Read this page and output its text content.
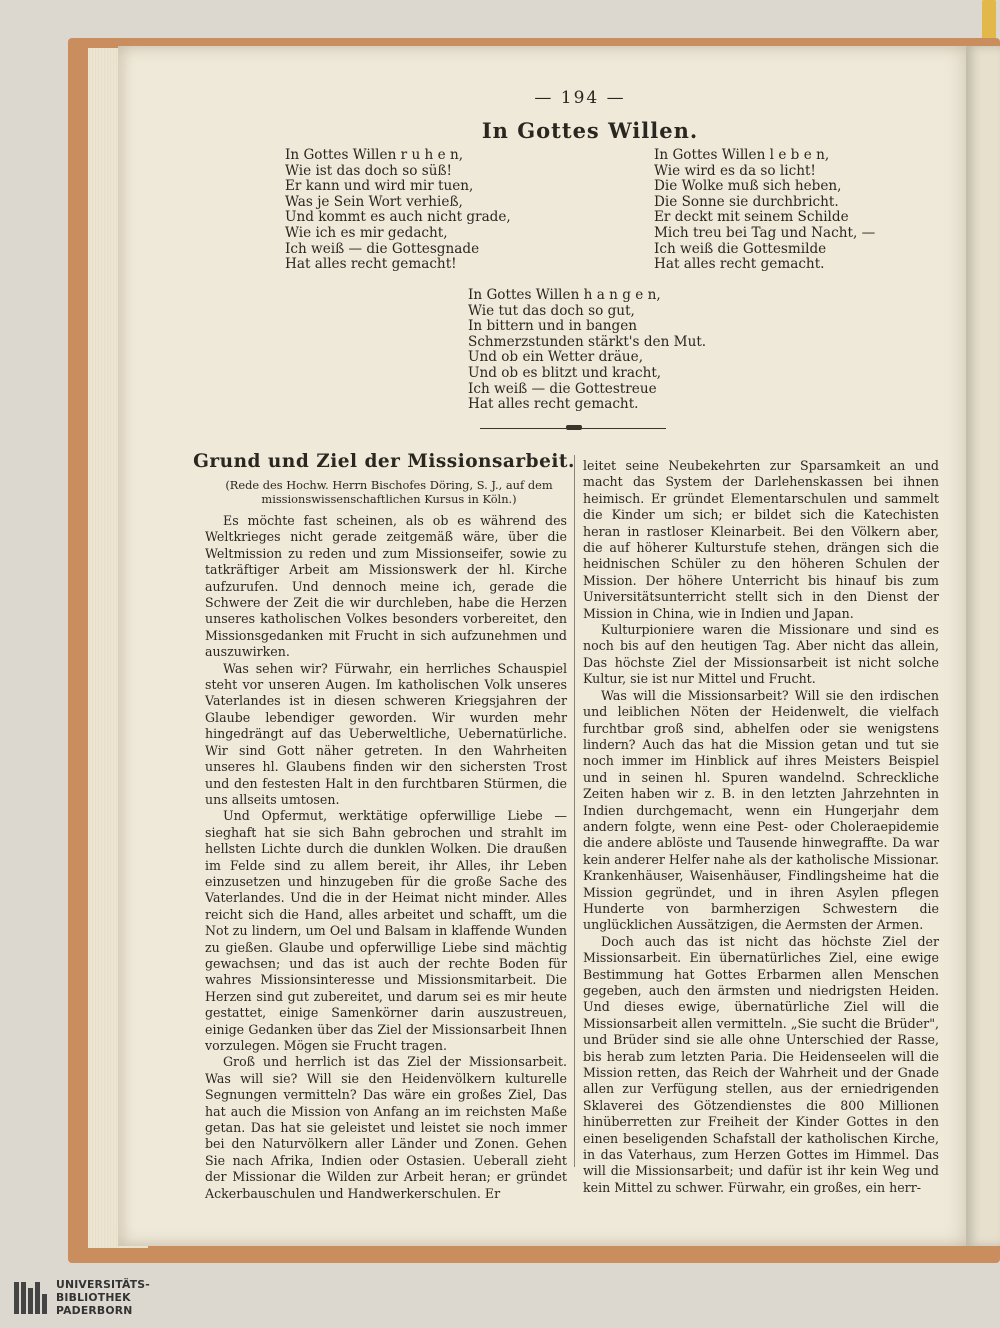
— 194 —
In Gottes Willen.
In Gottes Willen r u h e n,
Wie ist das doch so süß!
Er kann und wird mir tuen,
Was je Sein Wort verhieß,
Und kommt es auch nicht grade,
Wie ich es mir gedacht,
Ich weiß — die Gottesgnade
Hat alles recht gemacht!
In Gottes Willen l e b e n,
Wie wird es da so licht!
Die Wolke muß sich heben,
Die Sonne sie durchbricht.
Er deckt mit seinem Schilde
Mich treu bei Tag und Nacht, —
Ich weiß die Gottesmilde
Hat alles recht gemacht.
In Gottes Willen h a n g e n,
Wie tut das doch so gut,
In bittern und in bangen
Schmerzstunden stärkt's den Mut.
Und ob ein Wetter dräue,
Und ob es blitzt und kracht,
Ich weiß — die Gottestreue
Hat alles recht gemacht.
Grund und Ziel der Missionsarbeit.
(Rede des Hochw. Herrn Bischofes Döring, S. J., auf dem missionswissenschaftlichen Kursus in Köln.)

Es möchte fast scheinen, als ob es während des Weltkrieges nicht gerade zeitgemäß wäre, über die Weltmission zu reden und zum Missionseifer, sowie zu tatkräftiger Arbeit am Missionswerk der hl. Kirche aufzurufen. Und dennoch meine ich, gerade die Schwere der Zeit die wir durchleben, habe die Herzen unseres katholischen Volkes besonders vorbereitet, den Missionsgedanken mit Frucht in sich aufzunehmen und auszuwirken.

Was sehen wir? Fürwahr, ein herrliches Schauspiel steht vor unseren Augen. Im katholischen Volk unseres Vaterlandes ist in diesen schweren Kriegsjahren der Glaube lebendiger geworden. Wir wurden mehr hingedrängt auf das Ueberweltliche, Uebernatürliche. Wir sind Gott näher getreten. In den Wahrheiten unseres hl. Glaubens finden wir den sichersten Trost und den festesten Halt in den furchtbaren Stürmen, die uns allseits umtosen.

Und Opfermut, werktätige opferwillige Liebe — sieghaft hat sie sich Bahn gebrochen und strahlt im hellsten Lichte durch die dunklen Wolken. Die draußen im Felde sind zu allem bereit, ihr Alles, ihr Leben einzusetzen und hinzugeben für die große Sache des Vaterlandes. Und die in der Heimat nicht minder. Alles reicht sich die Hand, alles arbeitet und schafft, um die Not zu lindern, um Oel und Balsam in klaffende Wunden zu gießen. Glaube und opferwillige Liebe sind mächtig gewachsen; und das ist auch der rechte Boden für wahres Missionsinteresse und Missionsmitarbeit. Die Herzen sind gut zubereitet, und darum sei es mir heute gestattet, einige Samenkörner darin auszustreuen, einige Gedanken über das Ziel der Missionsarbeit Ihnen vorzulegen. Mögen sie Frucht tragen.

Groß und herrlich ist das Ziel der Missionsarbeit. Was will sie? Will sie den Heidenvölkern kulturelle Segnungen vermitteln? Das wäre ein großes Ziel, Das hat auch die Mission von Anfang an im reichsten Maße getan. Das hat sie geleistet und leistet sie noch immer bei den Naturvölkern aller Länder und Zonen. Gehen Sie nach Afrika, Indien oder Ostasien. Ueberall zieht der Missionar die Wilden zur Arbeit heran; er gründet Ackerbauschulen und Handwerkerschulen. Er

leitet seine Neubekehrten zur Sparsamkeit an und macht das System der Darlehenskassen bei ihnen heimisch. Er gründet Elementarschulen und sammelt die Kinder um sich; er bildet sich die Katechisten heran in rastloser Kleinarbeit. Bei den Völkern aber, die auf höherer Kulturstufe stehen, drängen sich die heidnischen Schüler zu den höheren Schulen der Mission. Der höhere Unterricht bis hinauf bis zum Universitätsunterricht stellt sich in den Dienst der Mission in China, wie in Indien und Japan.

Kulturpioniere waren die Missionare und sind es noch bis auf den heutigen Tag. Aber nicht das allein, Das höchste Ziel der Missionsarbeit ist nicht solche Kultur, sie ist nur Mittel und Frucht.

Was will die Missionsarbeit? Will sie den irdischen und leiblichen Nöten der Heidenwelt, die vielfach furchtbar groß sind, abhelfen oder sie wenigstens lindern? Auch das hat die Mission getan und tut sie noch immer im Hinblick auf ihres Meisters Beispiel und in seinen hl. Spuren wandelnd. Schreckliche Zeiten haben wir z. B. in den letzten Jahrzehnten in Indien durchgemacht, wenn ein Hungerjahr dem andern folgte, wenn eine Pest- oder Choleraepidemie die andere ablöste und Tausende hinwegraffte. Da war kein anderer Helfer nahe als der katholische Missionar. Krankenhäuser, Waisenhäuser, Findlingsheime hat die Mission gegründet, und in ihren Asylen pflegen Hunderte von barmherzigen Schwestern die unglücklichen Aussätzigen, die Aermsten der Armen.

Doch auch das ist nicht das höchste Ziel der Missionsarbeit. Ein übernatürliches Ziel, eine ewige Bestimmung hat Gottes Erbarmen allen Menschen gegeben, auch den ärmsten und niedrigsten Heiden. Und dieses ewige, übernatürliche Ziel will die Missionsarbeit allen vermitteln. „Sie sucht die Brüder", und Brüder sind sie alle ohne Unterschied der Rasse, bis herab zum letzten Paria. Die Heidenseelen will die Mission retten, das Reich der Wahrheit und der Gnade allen zur Verfügung stellen, aus der erniedrigenden Sklaverei des Götzendienstes die 800 Millionen hinüberretten zur Freiheit der Kinder Gottes in den einen beseligenden Schafstall der katholischen Kirche, in das Vaterhaus, zum Herzen Gottes im Himmel. Das will die Missionsarbeit; und dafür ist ihr kein Weg und kein Mittel zu schwer. Fürwahr, ein großes, ein herr-

UNIVERSITÄTS-
BIBLIOTHEK
PADERBORN
